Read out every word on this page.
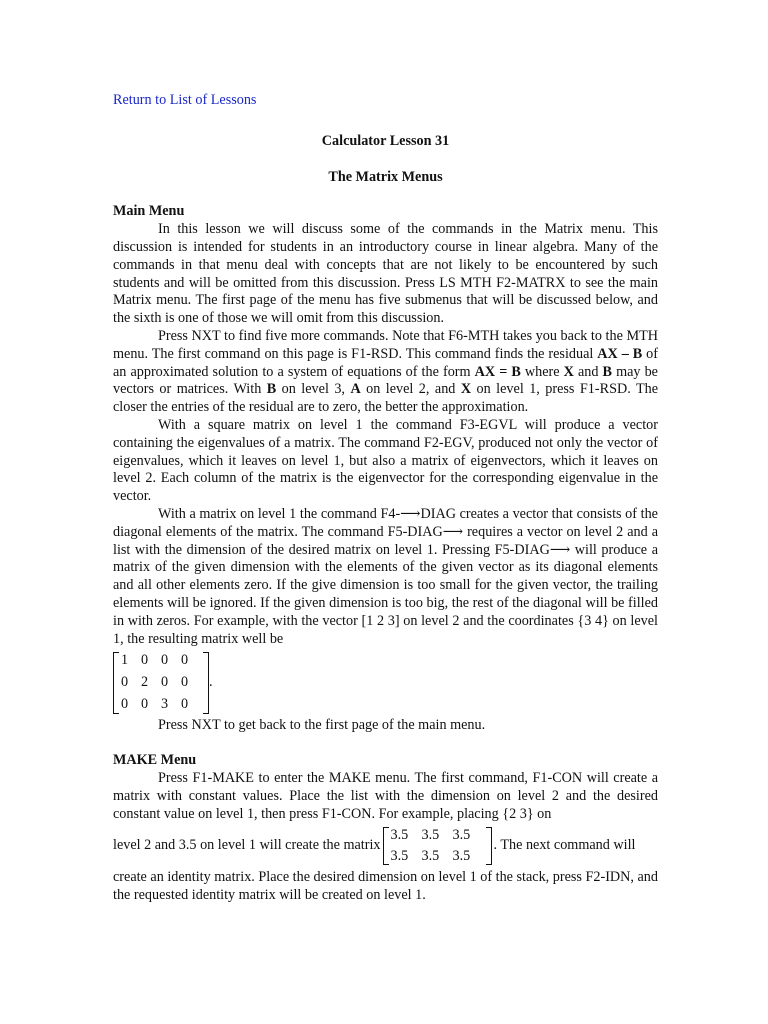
Return to List of Lessons
Calculator Lesson 31
The Matrix Menus
Main Menu

In this lesson we will discuss some of the commands in the Matrix menu. This discussion is intended for students in an introductory course in linear algebra. Many of the commands in that menu deal with concepts that are not likely to be encountered by such students and will be omitted from this discussion. Press LS MTH F2-MATRX to see the main Matrix menu. The first page of the menu has five submenus that will be discussed below, and the sixth is one of those we will omit from this discussion.

Press NXT to find five more commands. Note that F6-MTH takes you back to the MTH menu. The first command on this page is F1-RSD. This command finds the residual AX – B of an approximated solution to a system of equations of the form AX = B where X and B may be vectors or matrices. With B on level 3, A on level 2, and X on level 1, press F1-RSD. The closer the entries of the residual are to zero, the better the approximation.

With a square matrix on level 1 the command F3-EGVL will produce a vector containing the eigenvalues of a matrix. The command F2-EGV, produced not only the vector of eigenvalues, which it leaves on level 1, but also a matrix of eigenvectors, which it leaves on level 2. Each column of the matrix is the eigenvector for the corresponding eigenvalue in the vector.

With a matrix on level 1 the command F4-⟶DIAG creates a vector that consists of the diagonal elements of the matrix. The command F5-DIAG⟶ requires a vector on level 2 and a list with the dimension of the desired matrix on level 1. Pressing F5-DIAG⟶ will produce a matrix of the given dimension with the elements of the given vector as its diagonal elements and all other elements zero. If the give dimension is too small for the given vector, the trailing elements will be ignored. If the given dimension is too big, the rest of the diagonal will be filled in with zeros. For example, with the vector [1 2 3] on level 2 and the coordinates {3 4} on level 1, the resulting matrix well be

1 0 0 0
0 2 0 0
0 0 3 0
.

Press NXT to get back to the first page of the main menu.

MAKE Menu

Press F1-MAKE to enter the MAKE menu. The first command, F1-CON will create a matrix with constant values. Place the list with the dimension on level 2 and the desired constant value on level 1, then press F1-CON. For example, placing {2 3} on

level 2 and 3.5 on level 1 will create the matrix
3.5 3.5 3.5
3.5 3.5 3.5
. The next command will

create an identity matrix. Place the desired dimension on level 1 of the stack, press F2-IDN, and the requested identity matrix will be created on level 1.
